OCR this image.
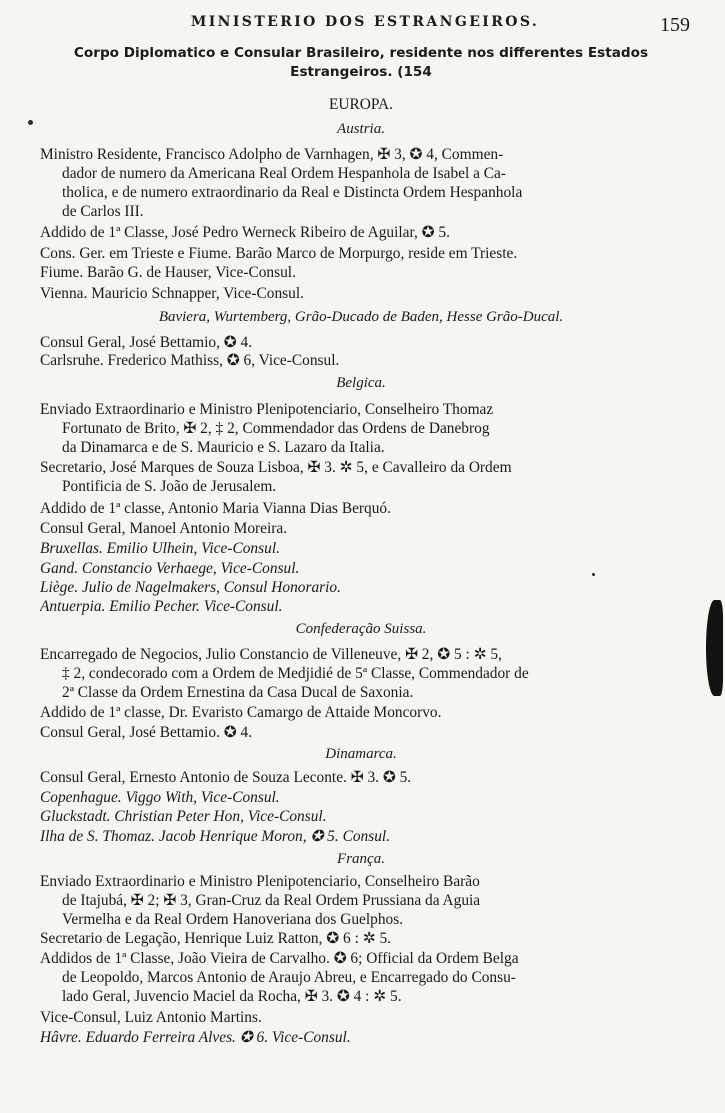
MINISTERIO DOS ESTRANGEIROS.	159
Corpo Diplomatico e Consular Brasileiro, residente nos differentes Estados
Estrangeiros. (154
EUROPA.
Austria.
Ministro Residente, Francisco Adolpho de Varnhagen, ✠ 3, ✪ 4, Commen-
dador de numero da Americana Real Ordem Hespanhola de Isabel a Ca-
tholica, e de numero extraordinario da Real e Distincta Ordem Hespanhola
de Carlos III.
Addido de 1ª Classe, José Pedro Werneck Ribeiro de Aguilar, ✪ 5.
Cons. Ger. em Trieste e Fiume. Barão Marco de Morpurgo, reside em Trieste.
Fiume. Barão G. de Hauser, Vice-Consul.
Vienna. Mauricio Schnapper, Vice-Consul.
Baviera, Wurtemberg, Grão-Ducado de Baden, Hesse Grão-Ducal.
Consul Geral, José Bettamio, ✪ 4.
Carlsruhe. Frederico Mathiss, ✪ 6, Vice-Consul.
Belgica.
Enviado Extraordinario e Ministro Plenipotenciario, Conselheiro Thomaz
Fortunato de Brito, ✠ 2, ‡ 2, Commendador das Ordens de Danebrog
da Dinamarca e de S. Mauricio e S. Lazaro da Italia.
Secretario, José Marques de Souza Lisboa, ✠ 3. ✲ 5, e Cavalleiro da Ordem
Pontificia de S. João de Jerusalem.
Addido de 1ª classe, Antonio Maria Vianna Dias Berquó.
Consul Geral, Manoel Antonio Moreira.
Bruxellas. Emilio Ulhein, Vice-Consul.
Gand. Constancio Verhaege, Vice-Consul.
Liège. Julio de Nagelmakers, Consul Honorario.
Antuerpia. Emilio Pecher. Vice-Consul.
Confederação Suissa.
Encarregado de Negocios, Julio Constancio de Villeneuve, ✠ 2, ✪ 5 : ✲ 5,
‡ 2, condecorado com a Ordem de Medjidié de 5ª Classe, Commendador de
2ª Classe da Ordem Ernestina da Casa Ducal de Saxonia.
Addido de 1ª classe, Dr. Evaristo Camargo de Attaide Moncorvo.
Consul Geral, José Bettamio. ✪ 4.
Dinamarca.
Consul Geral, Ernesto Antonio de Souza Leconte. ✠ 3. ✪ 5.
Copenhague. Viggo With, Vice-Consul.
Gluckstadt. Christian Peter Hon, Vice-Consul.
Ilha de S. Thomaz. Jacob Henrique Moron, ✪ 5. Consul.
França.
Enviado Extraordinario e Ministro Plenipotenciario, Conselheiro Barão
de Itajubá, ✠ 2; ✠ 3, Gran-Cruz da Real Ordem Prussiana da Aguia
Vermelha e da Real Ordem Hanoveriana dos Guelphos.
Secretario de Legação, Henrique Luiz Ratton, ✪ 6 : ✲ 5.
Addidos de 1ª Classe, João Vieira de Carvalho. ✪ 6; Official da Ordem Belga
de Leopoldo, Marcos Antonio de Araujo Abreu, e Encarregado do Consu-
lado Geral, Juvencio Maciel da Rocha, ✠ 3. ✪ 4 : ✲ 5.
Vice-Consul, Luiz Antonio Martins.
Hâvre. Eduardo Ferreira Alves. ✪ 6. Vice-Consul.
